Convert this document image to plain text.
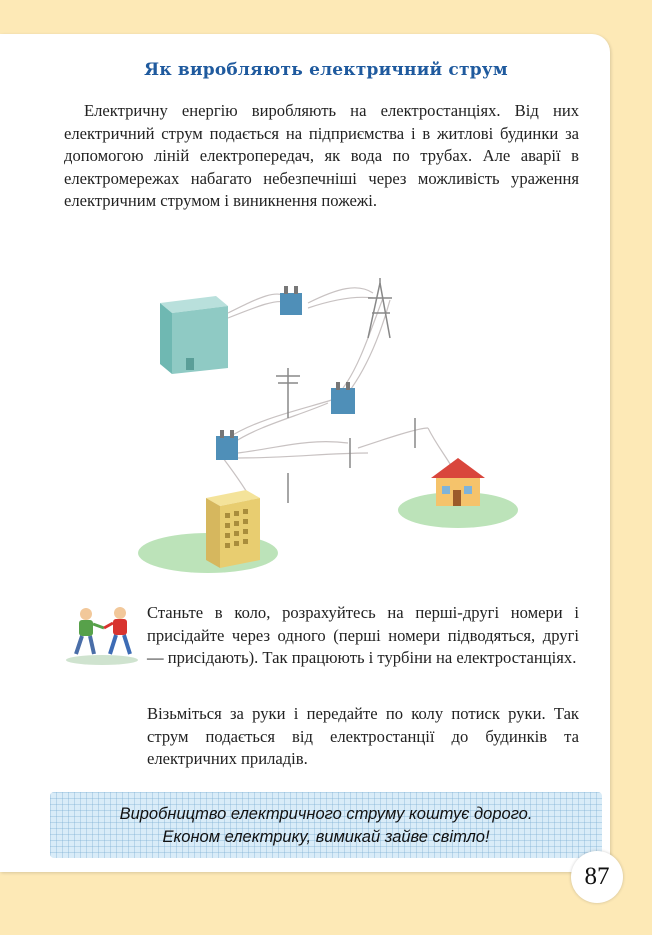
Як виробляють електричний струм

Електричну енергію виробляють на електростанціях. Від них електричний струм подається на підприємства і в житлові будинки за допомогою ліній електропередач, як вода по трубах. Але аварії в електромережах набагато небезпечніші через можливість ураження електричним струмом і виникнення пожежі.

Станьте в коло, розрахуйтесь на перші-другі номери і присідайте через одного (перші номери підводяться, другі — присідають). Так працюють і турбіни на електростанціях.

Візьміться за руки і передайте по колу потиск руки. Так струм подається від електростанції до будинків та електричних приладів.

Виробництво електричного струму коштує дорого.
Економ електрику, вимикай зайве світло!
87
